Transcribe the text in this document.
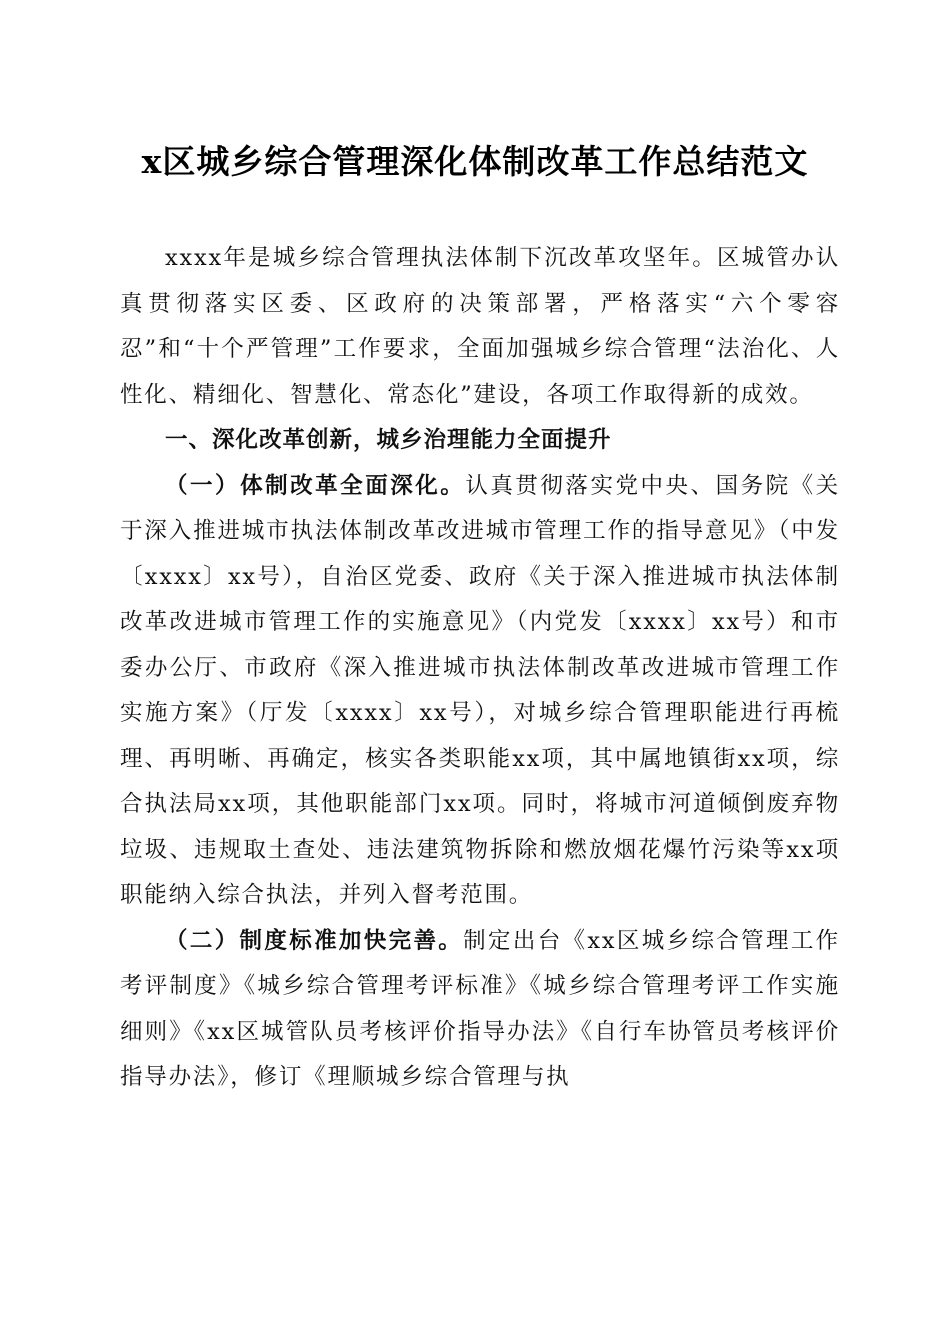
x区城乡综合管理深化体制改革工作总结范文

xxxx年是城乡综合管理执法体制下沉改革攻坚年。区城管办认真贯彻落实区委、区政府的决策部署，严格落实“六个零容忍”和“十个严管理”工作要求，全面加强城乡综合管理“法治化、人性化、精细化、智慧化、常态化”建设，各项工作取得新的成效。

一、深化改革创新，城乡治理能力全面提升

（一）体制改革全面深化。认真贯彻落实党中央、国务院《关于深入推进城市执法体制改革改进城市管理工作的指导意见》（中发〔xxxx〕xx号），自治区党委、政府《关于深入推进城市执法体制改革改进城市管理工作的实施意见》（内党发〔xxxx〕xx号）和市委办公厅、市政府《深入推进城市执法体制改革改进城市管理工作实施方案》（厅发〔xxxx〕xx号），对城乡综合管理职能进行再梳理、再明晰、再确定，核实各类职能xx项，其中属地镇街xx项，综合执法局xx项，其他职能部门xx项。同时，将城市河道倾倒废弃物垃圾、违规取土查处、违法建筑物拆除和燃放烟花爆竹污染等xx项职能纳入综合执法，并列入督考范围。

（二）制度标准加快完善。制定出台《xx区城乡综合管理工作考评制度》《城乡综合管理考评标准》《城乡综合管理考评工作实施细则》《xx区城管队员考核评价指导办法》《自行车协管员考核评价指导办法》，修订《理顺城乡综合管理与执
